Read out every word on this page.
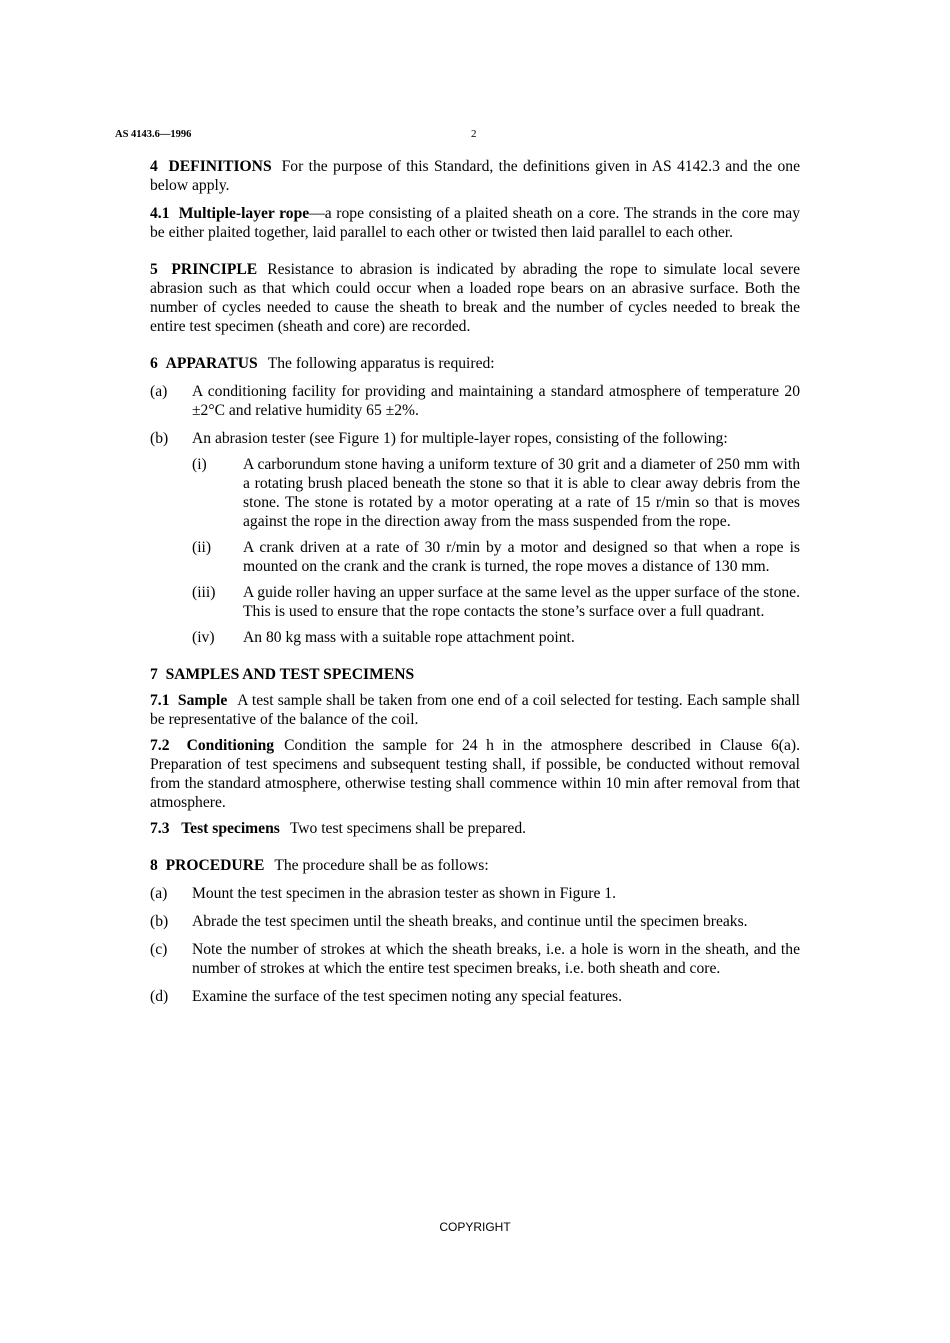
AS 4143.6—1996	2

4 DEFINITIONS For the purpose of this Standard, the definitions given in AS 4142.3 and the one below apply.

4.1 Multiple-layer rope—a rope consisting of a plaited sheath on a core. The strands in the core may be either plaited together, laid parallel to each other or twisted then laid parallel to each other.

5 PRINCIPLE Resistance to abrasion is indicated by abrading the rope to simulate local severe abrasion such as that which could occur when a loaded rope bears on an abrasive surface. Both the number of cycles needed to cause the sheath to break and the number of cycles needed to break the entire test specimen (sheath and core) are recorded.

6 APPARATUS The following apparatus is required:

(a) A conditioning facility for providing and maintaining a standard atmosphere of temperature 20 ±2°C and relative humidity 65 ±2%.
(b) An abrasion tester (see Figure 1) for multiple-layer ropes, consisting of the following:
(i) A carborundum stone having a uniform texture of 30 grit and a diameter of 250 mm with a rotating brush placed beneath the stone so that it is able to clear away debris from the stone. The stone is rotated by a motor operating at a rate of 15 r/min so that is moves against the rope in the direction away from the mass suspended from the rope.
(ii) A crank driven at a rate of 30 r/min by a motor and designed so that when a rope is mounted on the crank and the crank is turned, the rope moves a distance of 130 mm.
(iii) A guide roller having an upper surface at the same level as the upper surface of the stone. This is used to ensure that the rope contacts the stone’s surface over a full quadrant.
(iv) An 80 kg mass with a suitable rope attachment point.

7 SAMPLES AND TEST SPECIMENS

7.1 Sample A test sample shall be taken from one end of a coil selected for testing. Each sample shall be representative of the balance of the coil.

7.2 Conditioning Condition the sample for 24 h in the atmosphere described in Clause 6(a). Preparation of test specimens and subsequent testing shall, if possible, be conducted without removal from the standard atmosphere, otherwise testing shall commence within 10 min after removal from that atmosphere.

7.3 Test specimens Two test specimens shall be prepared.

8 PROCEDURE The procedure shall be as follows:

(a) Mount the test specimen in the abrasion tester as shown in Figure 1.
(b) Abrade the test specimen until the sheath breaks, and continue until the specimen breaks.
(c) Note the number of strokes at which the sheath breaks, i.e. a hole is worn in the sheath, and the number of strokes at which the entire test specimen breaks, i.e. both sheath and core.
(d) Examine the surface of the test specimen noting any special features.
COPYRIGHT
